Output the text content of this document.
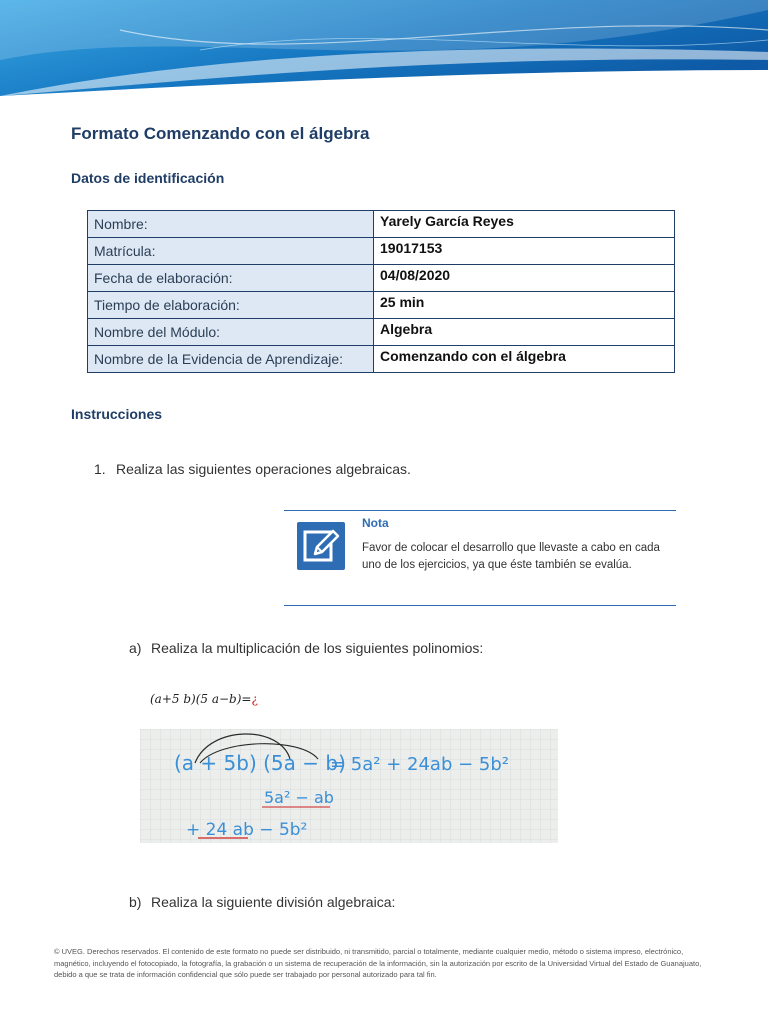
Formato Comenzando con el álgebra
Datos de identificación
Nombre:	Yarely García Reyes
Matrícula:	19017153
Fecha de elaboración:	04/08/2020
Tiempo de elaboración:	25 min
Nombre del Módulo:	Algebra
Nombre de la Evidencia de Aprendizaje:	Comenzando con el álgebra
Instrucciones
1. Realiza las siguientes operaciones algebraicas.
Nota
Favor de colocar el desarrollo que llevaste a cabo en cada uno de los ejercicios, ya que éste también se evalúa.
a) Realiza la multiplicación de los siguientes polinomios:
(a+5 b)(5 a−b)=¿
(a + 5b) (5a − b)
= 5a² + 24ab − 5b²
5a² − ab
+ 24 ab − 5b²
b) Realiza la siguiente división algebraica:
© UVEG. Derechos reservados. El contenido de este formato no puede ser distribuido, ni transmitido, parcial o totalmente, mediante cualquier medio, método o sistema impreso, electrónico, magnético, incluyendo el fotocopiado, la fotografía, la grabación o un sistema de recuperación de la información, sin la autorización por escrito de la Universidad Virtual del Estado de Guanajuato, debido a que se trata de información confidencial que sólo puede ser trabajado por personal autorizado para tal fin.
